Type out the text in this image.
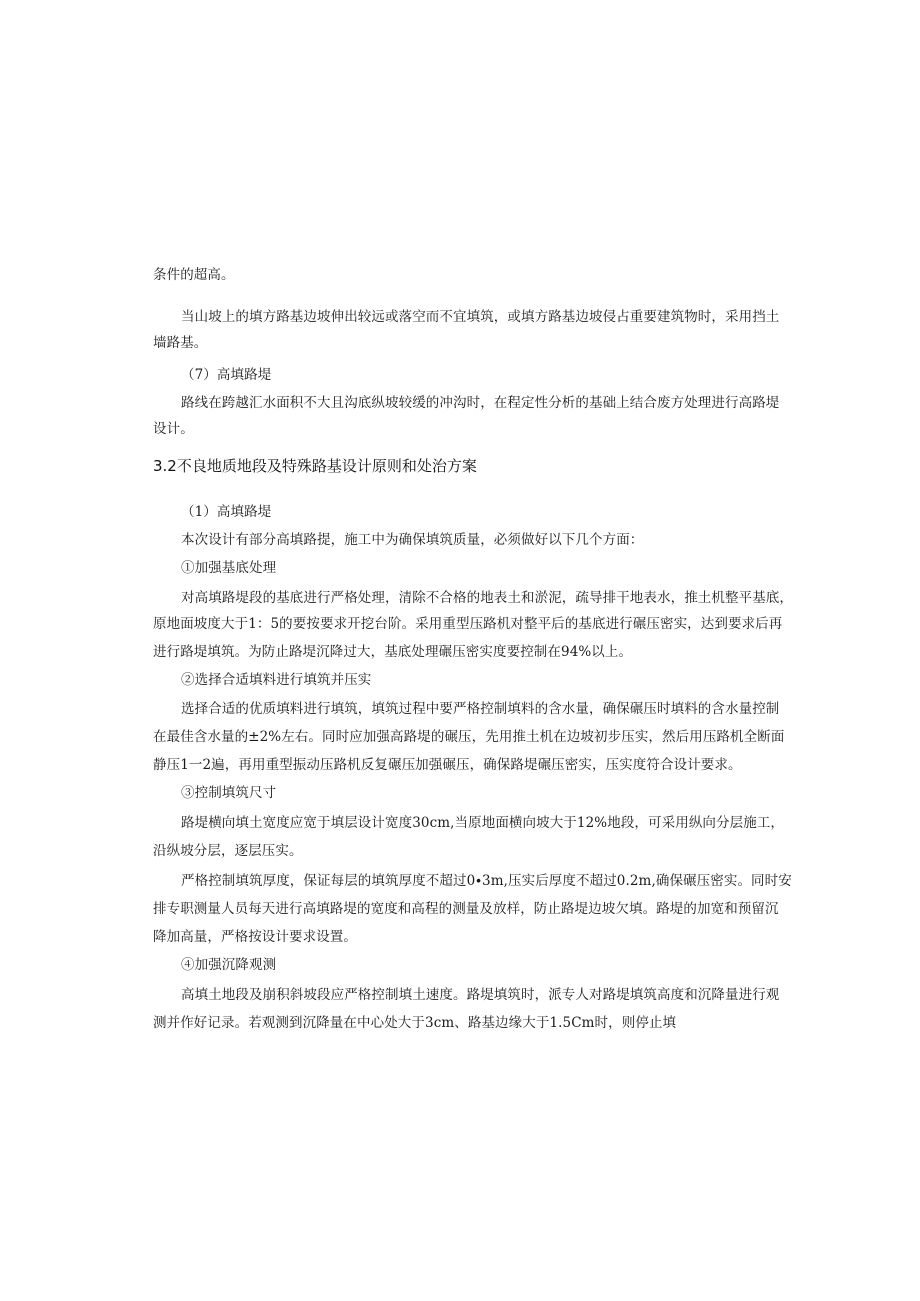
条件的超高。
当山坡上的填方路基边坡伸出较远或落空而不宜填筑，或填方路基边坡侵占重要建筑物时，采用挡土
墙路基。
（7）高填路堤
路线在跨越汇水面积不大且沟底纵坡较缓的冲沟时，在程定性分析的基础上结合废方处理进行高路堤
设计。
3.2不良地质地段及特殊路基设计原则和处治方案
（1）高填路堤
本次设计有部分高填路提，施工中为确保填筑质量，必须做好以下几个方面：
①加强基底处理
对高填路堤段的基底进行严格处理，清除不合格的地表土和淤泥，疏导排干地表水，推土机整平基底，
原地面坡度大于1：5的要按要求开挖台阶。采用重型压路机对整平后的基底进行碾压密实，达到要求后再
进行路堤填筑。为防止路堤沉降过大，基底处理碾压密实度要控制在94%以上。
②选择合适填料进行填筑并压实
选择合适的优质填料进行填筑，填筑过程中要严格控制填料的含水量，确保碾压时填料的含水量控制
在最佳含水量的±2%左右。同时应加强高路堤的碾压，先用推土机在边坡初步压实，然后用压路机全断面
静压1一2遍，再用重型振动压路机反复碾压加强碾压，确保路堤碾压密实，压实度符合设计要求。
③控制填筑尺寸
路堤横向填土宽度应宽于填层设计宽度30cm,当原地面横向坡大于12%地段，可采用纵向分层施工，
沿纵坡分层，逐层压实。
严格控制填筑厚度，保证每层的填筑厚度不超过0∙3m,压实后厚度不超过0.2m,确保碾压密实。同时安
排专职测量人员每天进行高填路堤的宽度和高程的测量及放样，防止路堤边坡欠填。路堤的加宽和预留沉
降加高量，严格按设计要求设置。
④加强沉降观测
高填土地段及崩积斜坡段应严格控制填土速度。路堤填筑时，派专人对路堤填筑高度和沉降量进行观
测并作好记录。若观测到沉降量在中心处大于3cm、路基边缘大于1.5Cm时，则停止填
